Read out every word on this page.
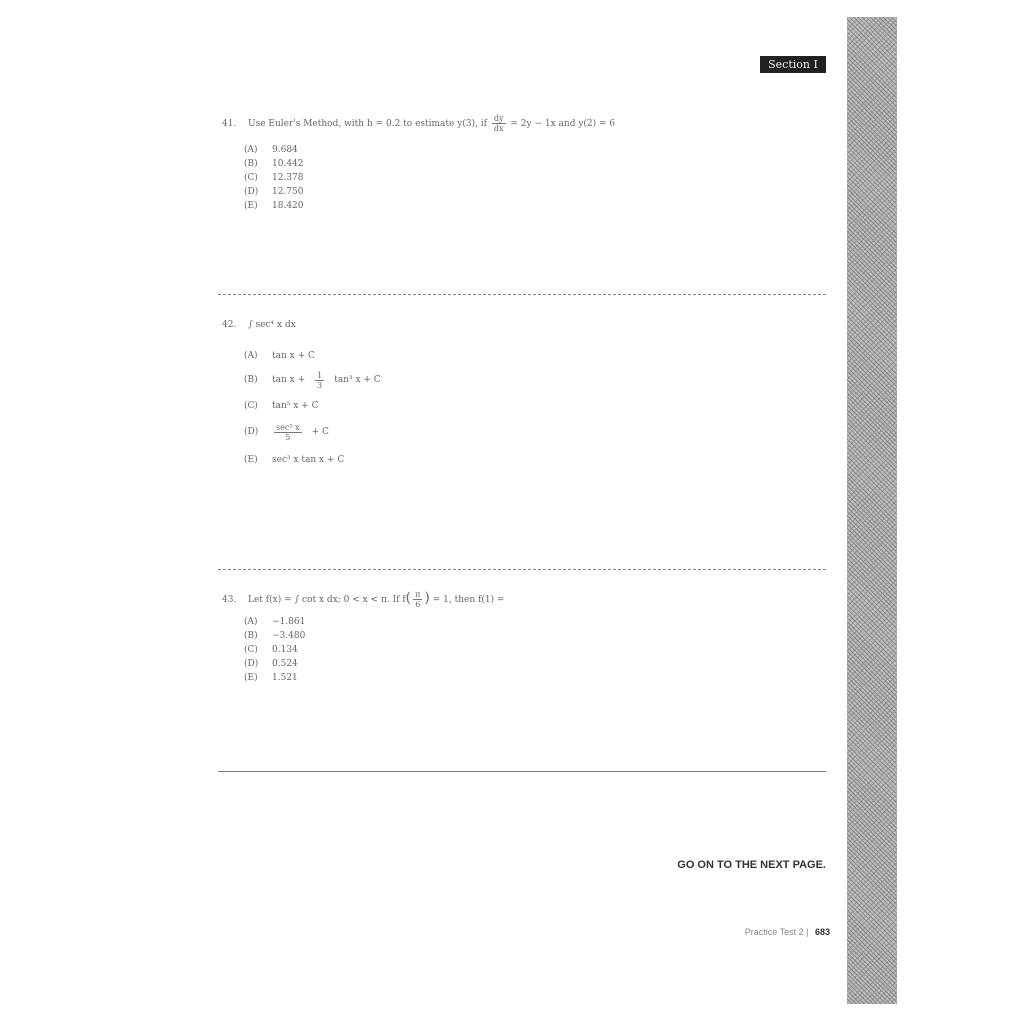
Section I
41. Use Euler's Method, with h = 0.2 to estimate y(3), if $\frac{dy}{dx} = 2y - 1x$ and y(2) = 6
(A)	9.684
(B)	10.442
(C)	12.378
(D)	12.750
(E)	18.420
42. ∫ sec⁴ x dx
(A)	tan x + C
(B)	$\tan x + \frac{1}{3} \tan^3$ x + C
(C)	tan⁵ x + C
(D)	$\frac{\text{sec⁵ x}}{5} + C$
(E)	sec³ x tan x + C
43. Let f(x) = ∫ cot x dx; 0 < x < π. If $f( \frac{\pi}{6}$ ) = 1, then f(1) =
(A)	−1.861
(B)	−3.480
(C)	0.134
(D)	0.524
(E)	1.521
GO ON TO THE NEXT PAGE.
Practice Test 2 | 683
